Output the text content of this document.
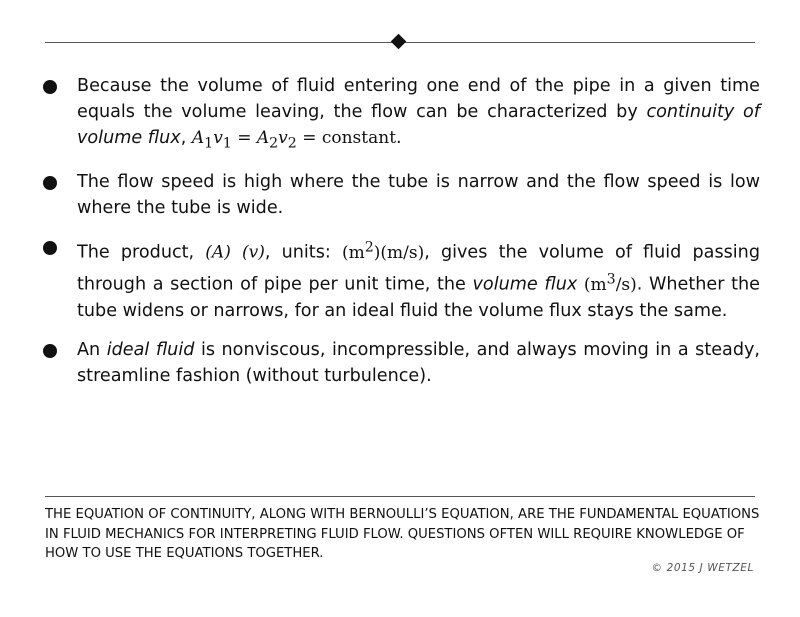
Because the volume of fluid entering one end of the pipe in a given time equals the volume leaving, the flow can be characterized by continuity of volume flux, $A_1v_1 = A_2v_2$ = constant.
The flow speed is high where the tube is narrow and the flow speed is low where the tube is wide.
The product, (A) (v), units: $(m^2)(m/s)$, gives the volume of fluid passing through a section of pipe per unit time, the volume flux $(m^3/s)$. Whether the tube widens or narrows, for an ideal fluid the volume flux stays the same.
An ideal fluid is nonviscous, incompressible, and always moving in a steady, streamline fashion (without turbulence).
THE EQUATION OF CONTINUITY, ALONG WITH BERNOULLI’S EQUATION, ARE THE FUNDAMENTAL EQUATIONS
IN FLUID MECHANICS FOR INTERPRETING FLUID FLOW. QUESTIONS OFTEN WILL REQUIRE KNOWLEDGE OF
HOW TO USE THE EQUATIONS TOGETHER.
© 2015 J WETZEL
